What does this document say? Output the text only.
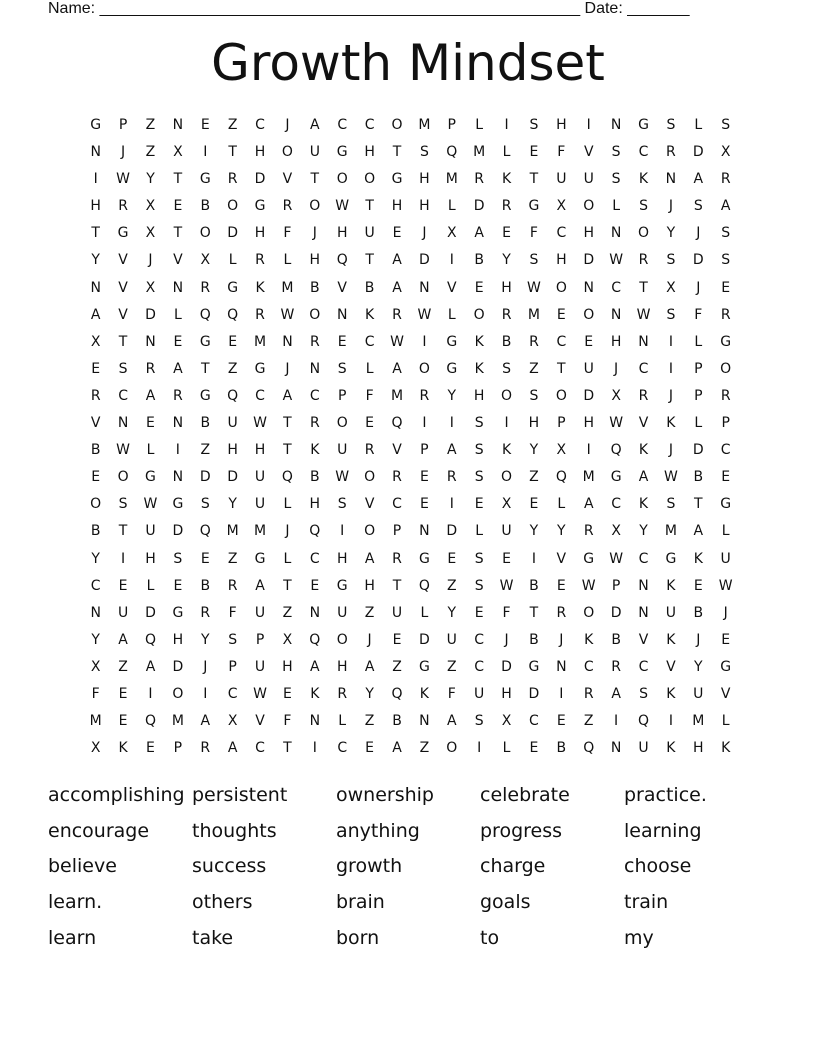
Name: ______________________________________________________ Date: _______
Growth Mindset
G	P	Z	N	E	Z	C	J	A	C	C	O	M	P	L	I	S	H	I	N	G	S	L	S
N	J	Z	X	I	T	H	O	U	G	H	T	S	Q	M	L	E	F	V	S	C	R	D	X
I	W	Y	T	G	R	D	V	T	O	O	G	H	M	R	K	T	U	U	S	K	N	A	R
H	R	X	E	B	O	G	R	O	W	T	H	H	L	D	R	G	X	O	L	S	J	S	A
T	G	X	T	O	D	H	F	J	H	U	E	J	X	A	E	F	C	H	N	O	Y	J	S
Y	V	J	V	X	L	R	L	H	Q	T	A	D	I	B	Y	S	H	D	W	R	S	D	S
N	V	X	N	R	G	K	M	B	V	B	A	N	V	E	H	W	O	N	C	T	X	J	E
A	V	D	L	Q	Q	R	W	O	N	K	R	W	L	O	R	M	E	O	N	W	S	F	R
X	T	N	E	G	E	M	N	R	E	C	W	I	G	K	B	R	C	E	H	N	I	L	G
E	S	R	A	T	Z	G	J	N	S	L	A	O	G	K	S	Z	T	U	J	C	I	P	O
R	C	A	R	G	Q	C	A	C	P	F	M	R	Y	H	O	S	O	D	X	R	J	P	R
V	N	E	N	B	U	W	T	R	O	E	Q	I	I	S	I	H	P	H	W	V	K	L	P
B	W	L	I	Z	H	H	T	K	U	R	V	P	A	S	K	Y	X	I	Q	K	J	D	C
E	O	G	N	D	D	U	Q	B	W	O	R	E	R	S	O	Z	Q	M	G	A	W	B	E
O	S	W	G	S	Y	U	L	H	S	V	C	E	I	E	X	E	L	A	C	K	S	T	G
B	T	U	D	Q	M	M	J	Q	I	O	P	N	D	L	U	Y	Y	R	X	Y	M	A	L
Y	I	H	S	E	Z	G	L	C	H	A	R	G	E	S	E	I	V	G	W	C	G	K	U
C	E	L	E	B	R	A	T	E	G	H	T	Q	Z	S	W	B	E	W	P	N	K	E	W
N	U	D	G	R	F	U	Z	N	U	Z	U	L	Y	E	F	T	R	O	D	N	U	B	J
Y	A	Q	H	Y	S	P	X	Q	O	J	E	D	U	C	J	B	J	K	B	V	K	J	E
X	Z	A	D	J	P	U	H	A	H	A	Z	G	Z	C	D	G	N	C	R	C	V	Y	G
F	E	I	O	I	C	W	E	K	R	Y	Q	K	F	U	H	D	I	R	A	S	K	U	V
M	E	Q	M	A	X	V	F	N	L	Z	B	N	A	S	X	C	E	Z	I	Q	I	M	L
X	K	E	P	R	A	C	T	I	C	E	A	Z	O	I	L	E	B	Q	N	U	K	H	K
accomplishing persistent	ownership	celebrate	practice.
encourage	thoughts	anything	progress	learning
believe	success	growth	charge	choose
learn.	others	brain	goals	train
learn	take	born	to	my
